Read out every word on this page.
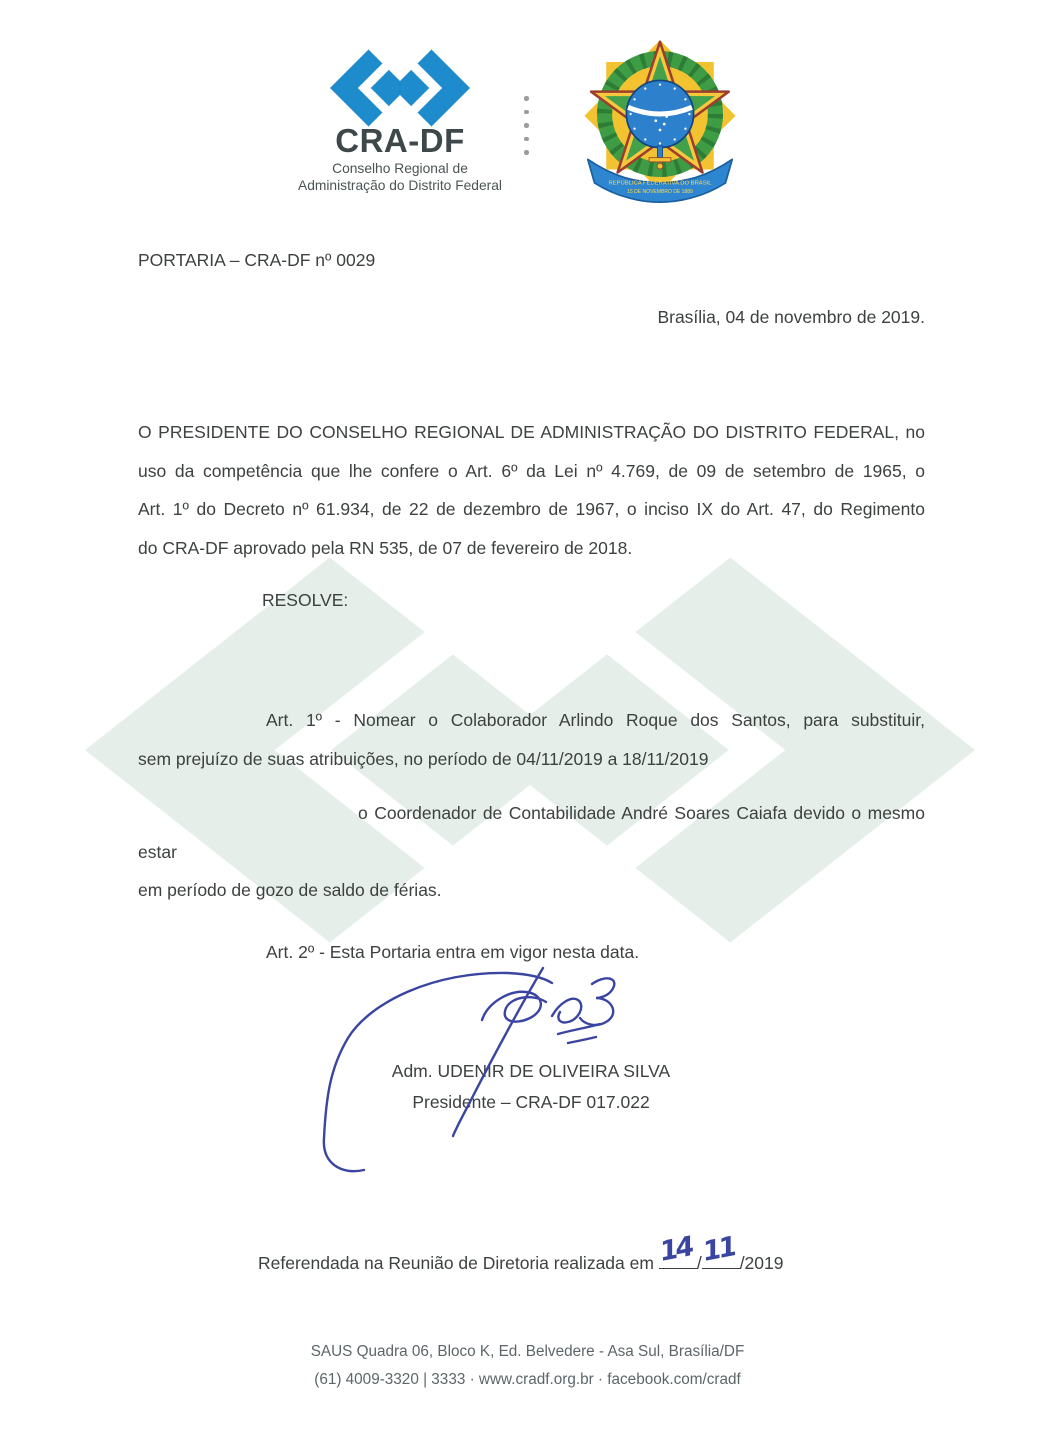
CRA-DF
Conselho Regional de
Administração do Distrito Federal	REPÚBLICA FEDERATIVA DO BRASIL
15 DE NOVEMBRO DE 1889
PORTARIA – CRA-DF nº 0029
Brasília, 04 de novembro de 2019.
O PRESIDENTE DO CONSELHO REGIONAL DE ADMINISTRAÇÃO DO DISTRITO FEDERAL, no
uso da competência que lhe confere o Art. 6º da Lei nº 4.769, de 09 de setembro de 1965, o
Art. 1º do Decreto nº 61.934, de 22 de dezembro de 1967, o inciso IX do Art. 47, do Regimento
do CRA-DF aprovado pela RN 535, de 07 de fevereiro de 2018.
RESOLVE:
Art. 1º - Nomear o Colaborador Arlindo Roque dos Santos, para substituir,
sem prejuízo de suas atribuições, no período de 04/11/2019 a 18/11/2019
o Coordenador de Contabilidade André Soares Caiafa devido o mesmo estar
em período de gozo de saldo de férias.
Art. 2º - Esta Portaria entra em vigor nesta data.
Adm. UDENIR DE OLIVEIRA SILVA
Presidente – CRA-DF 017.022
Referendada na Reunião de Diretoria realizada em
14 /
11 /2019
SAUS Quadra 06, Bloco K, Ed. Belvedere - Asa Sul, Brasília/DF
(61) 4009-3320 | 3333 · www.cradf.org.br · facebook.com/cradf
